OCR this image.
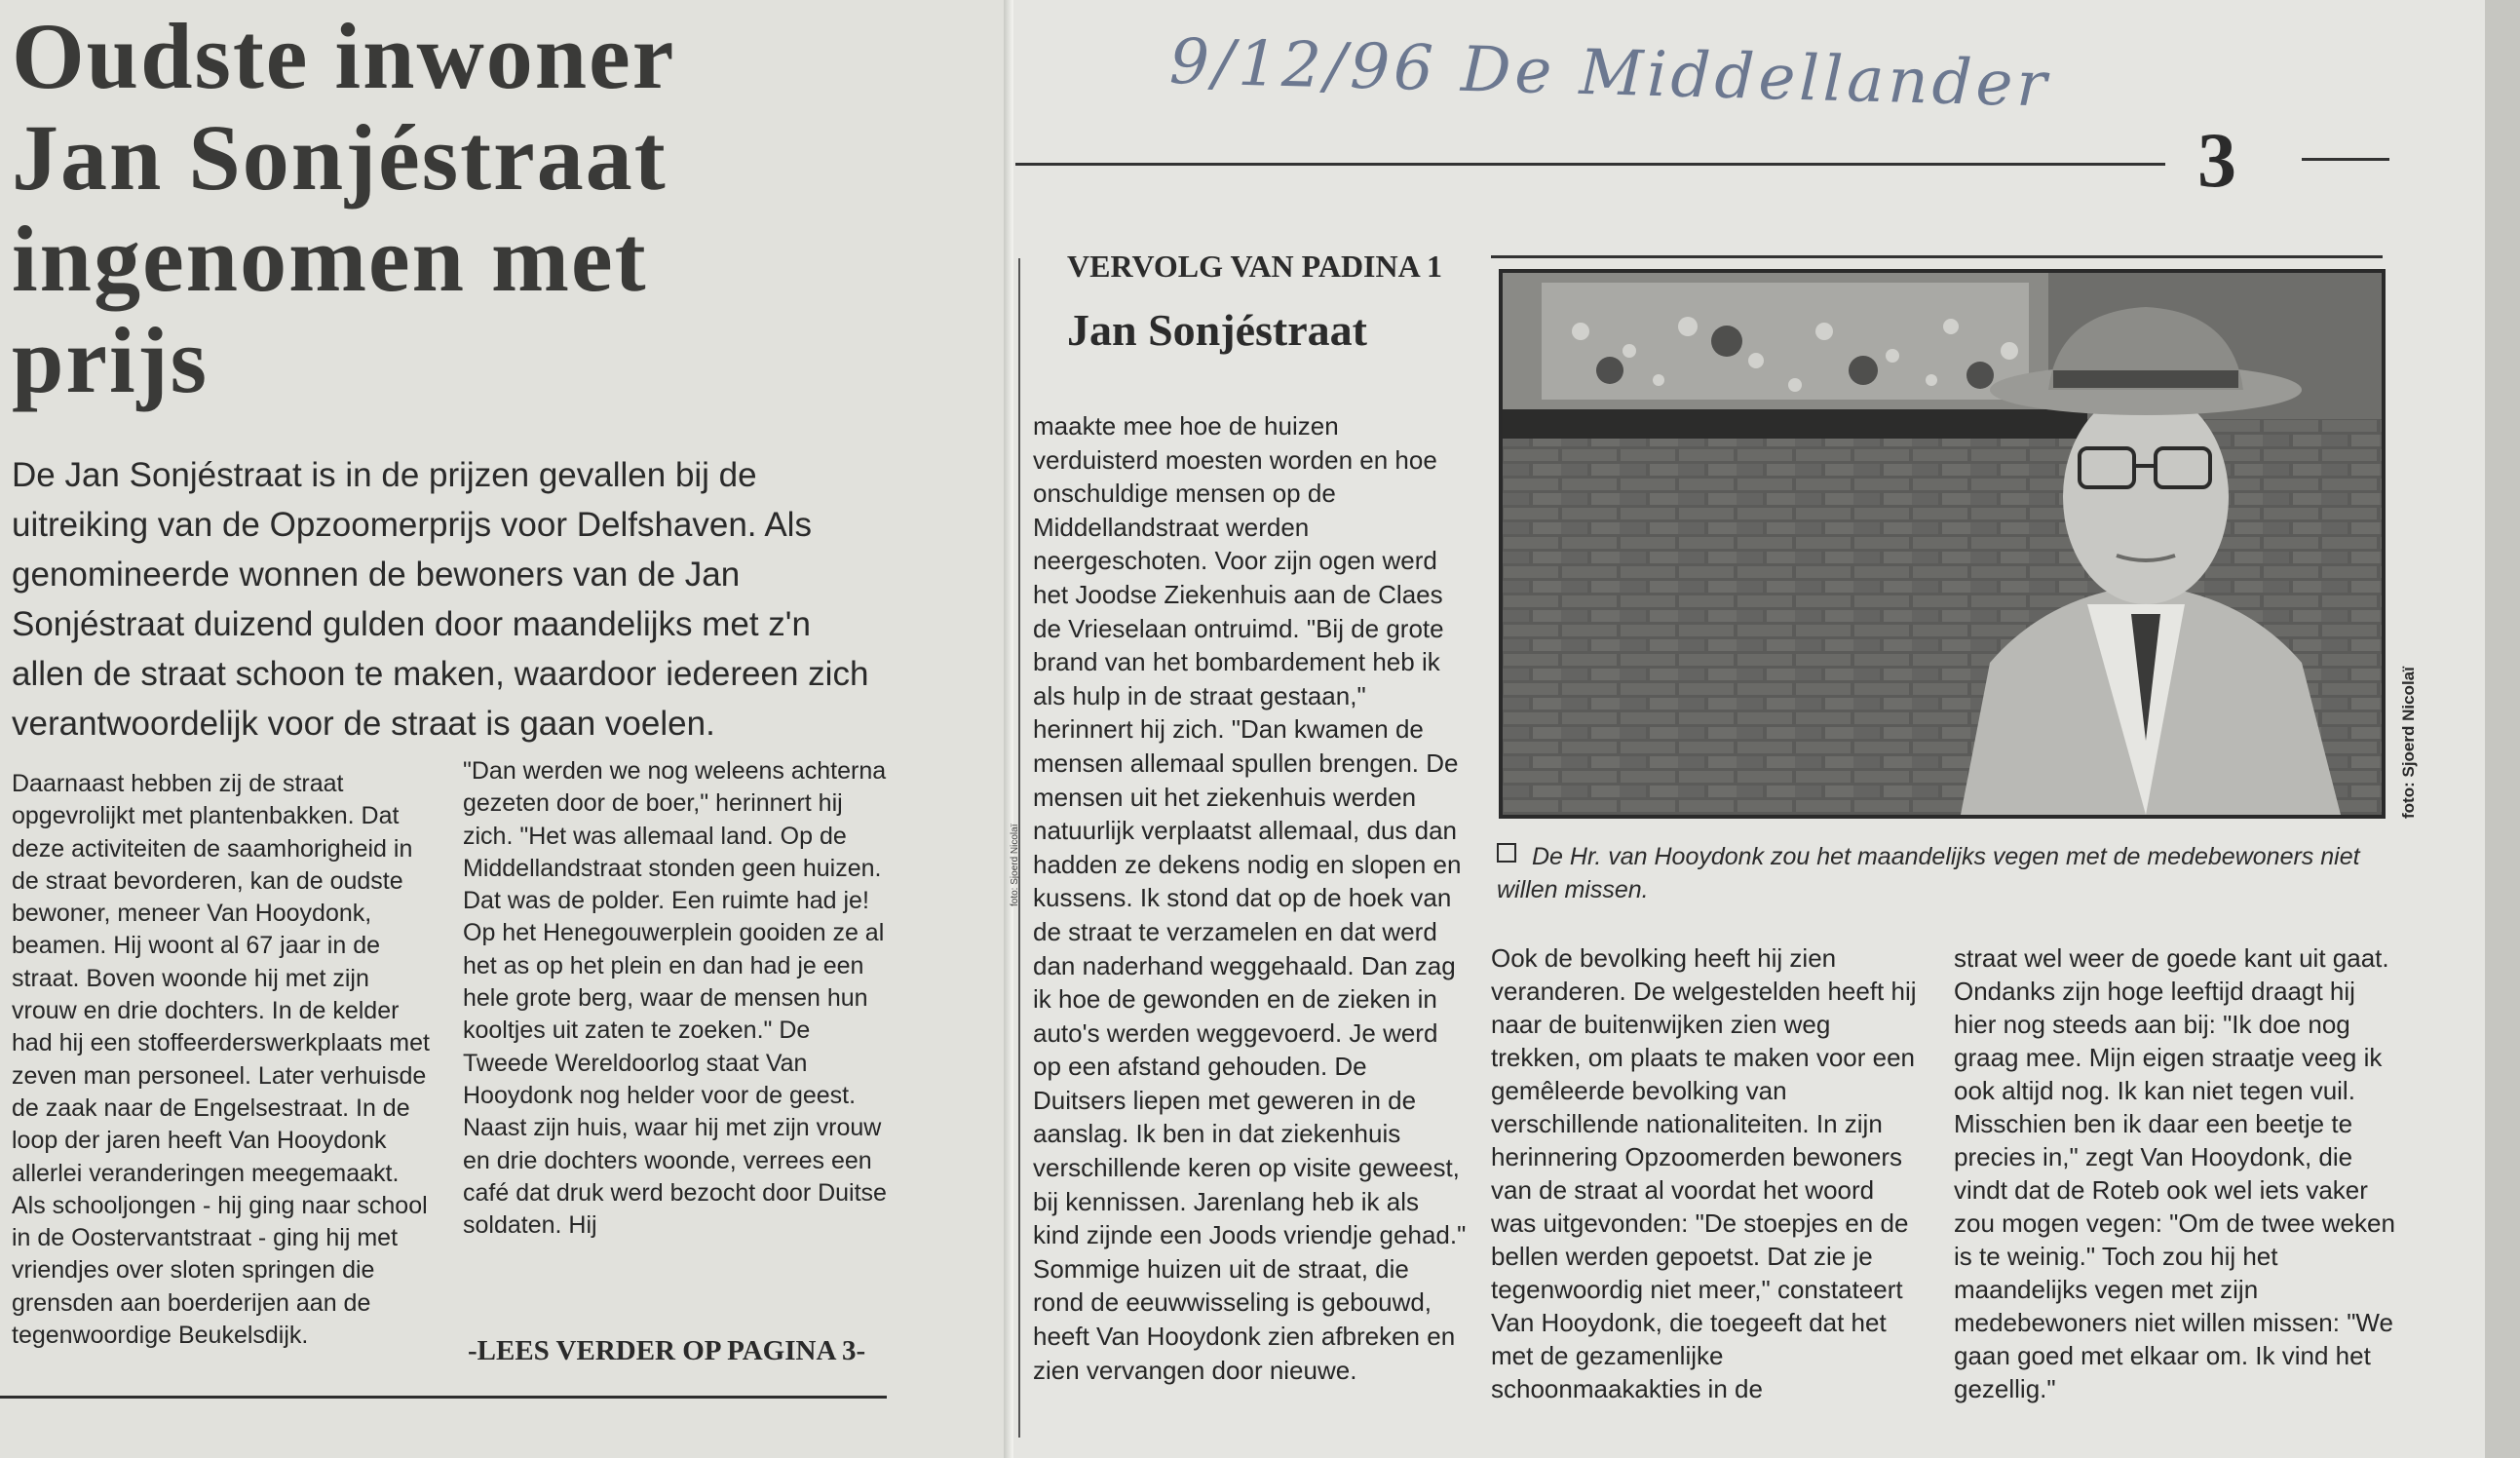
Oudste inwoner
Jan Sonjéstraat
ingenomen met
prijs

De Jan Sonjéstraat is in de prijzen gevallen bij de uitreiking van de Opzoomerprijs voor Delfshaven. Als genomineerde wonnen de bewoners van de Jan Sonjéstraat duizend gulden door maandelijks met z'n allen de straat schoon te maken, waardoor iedereen zich verantwoordelijk voor de straat is gaan voelen.

Daarnaast hebben zij de straat opgevrolijkt met plantenbakken. Dat deze activiteiten de saamhorigheid in de straat bevorderen, kan de oudste bewoner, meneer Van Hooydonk, beamen. Hij woont al 67 jaar in de straat. Boven woonde hij met zijn vrouw en drie dochters. In de kelder had hij een stoffeerderswerkplaats met zeven man personeel. Later verhuisde de zaak naar de Engelsestraat. In de loop der jaren heeft Van Hooydonk allerlei veranderingen meegemaakt. Als schooljongen - hij ging naar school in de Oostervantstraat - ging hij met vriendjes over sloten springen die grensden aan boerderijen aan de tegenwoordige Beukelsdijk.

"Dan werden we nog weleens achterna gezeten door de boer," herinnert hij zich. "Het was allemaal land. Op de Middellandstraat stonden geen huizen. Dat was de polder. Een ruimte had je! Op het Henegouwerplein gooiden ze al het as op het plein en dan had je een hele grote berg, waar de mensen hun kooltjes uit zaten te zoeken." De Tweede Wereldoorlog staat Van Hooydonk nog helder voor de geest. Naast zijn huis, waar hij met zijn vrouw en drie dochters woonde, verrees een café dat druk werd bezocht door Duitse soldaten. Hij

-LEES VERDER OP PAGINA 3-
9/12/96 De Middellander
3
foto: Sjoerd Nicolaï
VERVOLG VAN PADINA 1
Jan Sonjéstraat

maakte mee hoe de huizen verduisterd moesten worden en hoe onschuldige mensen op de Middellandstraat werden neergeschoten. Voor zijn ogen werd het Joodse Ziekenhuis aan de Claes de Vrieselaan ontruimd. "Bij de grote brand van het bombardement heb ik als hulp in de straat gestaan," herinnert hij zich. "Dan kwamen de mensen allemaal spullen brengen. De mensen uit het ziekenhuis werden natuurlijk verplaatst allemaal, dus dan hadden ze dekens nodig en slopen en kussens. Ik stond dat op de hoek van de straat te verzamelen en dat werd dan naderhand weggehaald. Dan zag ik hoe de gewonden en de zieken in auto's werden weggevoerd. Je werd op een afstand gehouden. De Duitsers liepen met geweren in de aanslag. Ik ben in dat ziekenhuis verschillende keren op visite geweest, bij kennissen. Jarenlang heb ik als kind zijnde een Joods vriendje gehad." Sommige huizen uit de straat, die rond de eeuwwisseling is gebouwd, heeft Van Hooydonk zien afbreken en zien vervangen door nieuwe.

foto: Sjoerd Nicolaï

De Hr. van Hooydonk zou het maandelijks vegen met de medebewoners niet willen missen.

Ook de bevolking heeft hij zien veranderen. De welgestelden heeft hij naar de buitenwijken zien weg trekken, om plaats te maken voor een gemêleerde bevolking van verschillende nationaliteiten. In zijn herinnering Opzoomerden bewoners van de straat al voordat het woord was uitgevonden: "De stoepjes en de bellen werden gepoetst. Dat zie je tegenwoordig niet meer," constateert Van Hooydonk, die toegeeft dat het met de gezamenlijke schoonmaakakties in de

straat wel weer de goede kant uit gaat. Ondanks zijn hoge leeftijd draagt hij hier nog steeds aan bij: "Ik doe nog graag mee. Mijn eigen straatje veeg ik ook altijd nog. Ik kan niet tegen vuil. Misschien ben ik daar een beetje te precies in," zegt Van Hooydonk, die vindt dat de Roteb ook wel iets vaker zou mogen vegen: "Om de twee weken is te weinig." Toch zou hij het maandelijks vegen met zijn medebewoners niet willen missen: "We gaan goed met elkaar om. Ik vind het gezellig."
